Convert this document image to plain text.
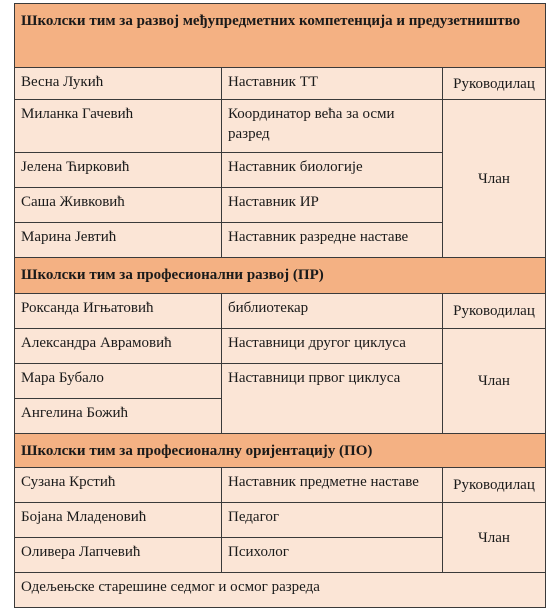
Школски тим за развој међупредметних компетенција и предузетништво		
Весна Лукић	Наставник ТТ	Руководилац
Миланка Гачевић	Координатор већа за осми разред	Члан
Јелена Ћирковић	Наставник биологије	
Саша Живковић	Наставник ИР	
Марина Јевтић	Наставник разредне наставе	
Школски тим за професионални развој (ПР)		
Роксанда Игњатовић	библиотекар	Руководилац
Александра Аврамовић	Наставници другог циклуса	Члан
Мара Бубало	Наставници првог циклуса	
Ангелина Божић		
Школски тим за професионалну оријентацију (ПО)		
Сузана Крстић	Наставник предметне наставе	Руководилац
Бојана Младеновић	Педагог	Члан
Оливера Лапчевић	Психолог	
Одељењске старешине седмог и осмог разреда		
